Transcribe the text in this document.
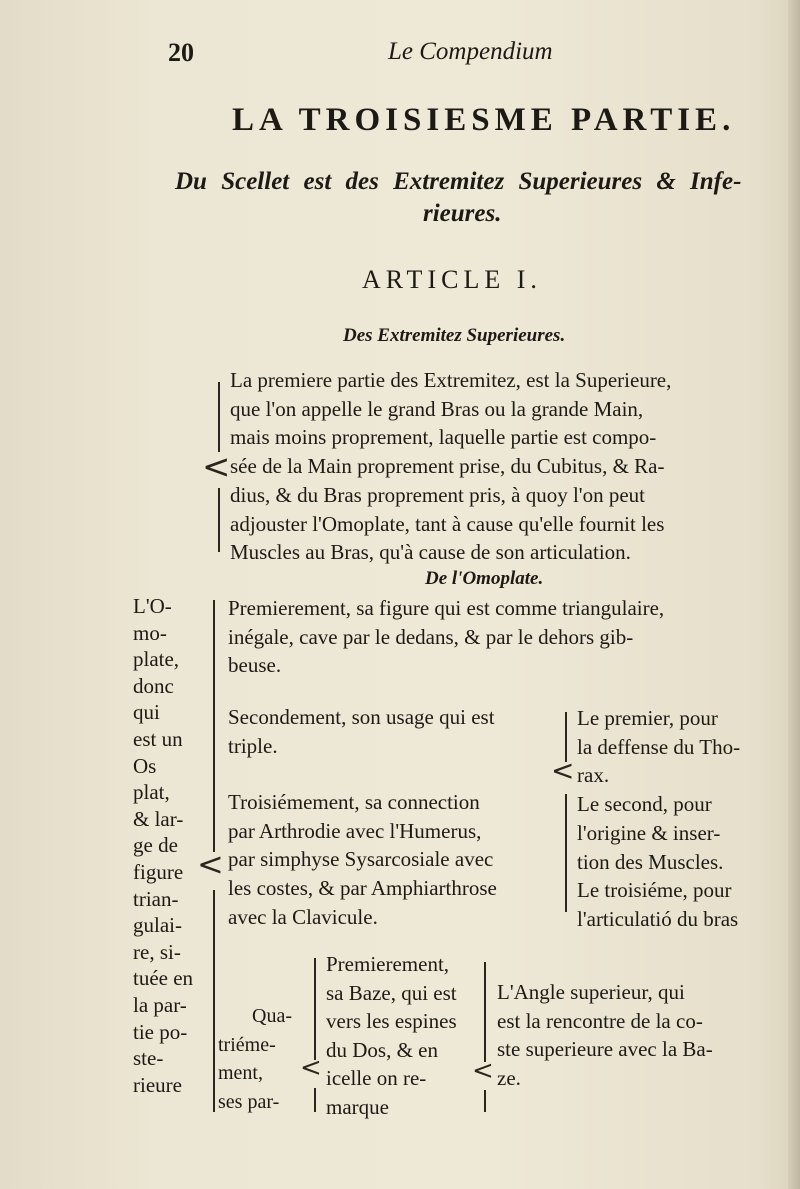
20	Le Compendium
LA TROISIESME PARTIE.
Du Scellet est des Extremitez Superieures & Infe-
rieures.
ARTICLE I.
Des Extremitez Superieures.
<
La premiere partie des Extremitez, est la Superieure,
que l'on appelle le grand Bras ou la grande Main,
mais moins proprement, laquelle partie est compo-
sée de la Main proprement prise, du Cubitus, & Ra-
dius, & du Bras proprement pris, à quoy l'on peut
adjouster l'Omoplate, tant à cause qu'elle fournit les
Muscles au Bras, qu'à cause de son articulation.
De l'Omoplate.
L'O-
mo-
plate,
donc
qui
est un
Os
plat,
& lar-
ge de
figure
trian-
gulai-
re, si-
tuée en
la par-
tie po-
ste-
rieure
<
Premierement, sa figure qui est comme triangulaire,
inégale, cave par le dedans, & par le dehors gib-
beuse.
Secondement, son usage qui est
triple.
<
Le premier, pour
la deffense du Tho-
rax.
Le second, pour
l'origine & inser-
tion des Muscles.
Le troisiéme, pour
l'articulatió du bras
Troisiémement, sa connection
par Arthrodie avec l'Humerus,
par simphyse Sysarcosiale avec
les costes, & par Amphiarthrose
avec la Clavicule.
Qua-
triéme-
ment,
ses par-
<
Premierement,
sa Baze, qui est
vers les espines
du Dos, & en
icelle on re-
marque
<
L'Angle superieur, qui
est la rencontre de la co-
ste superieure avec la Ba-
ze.
